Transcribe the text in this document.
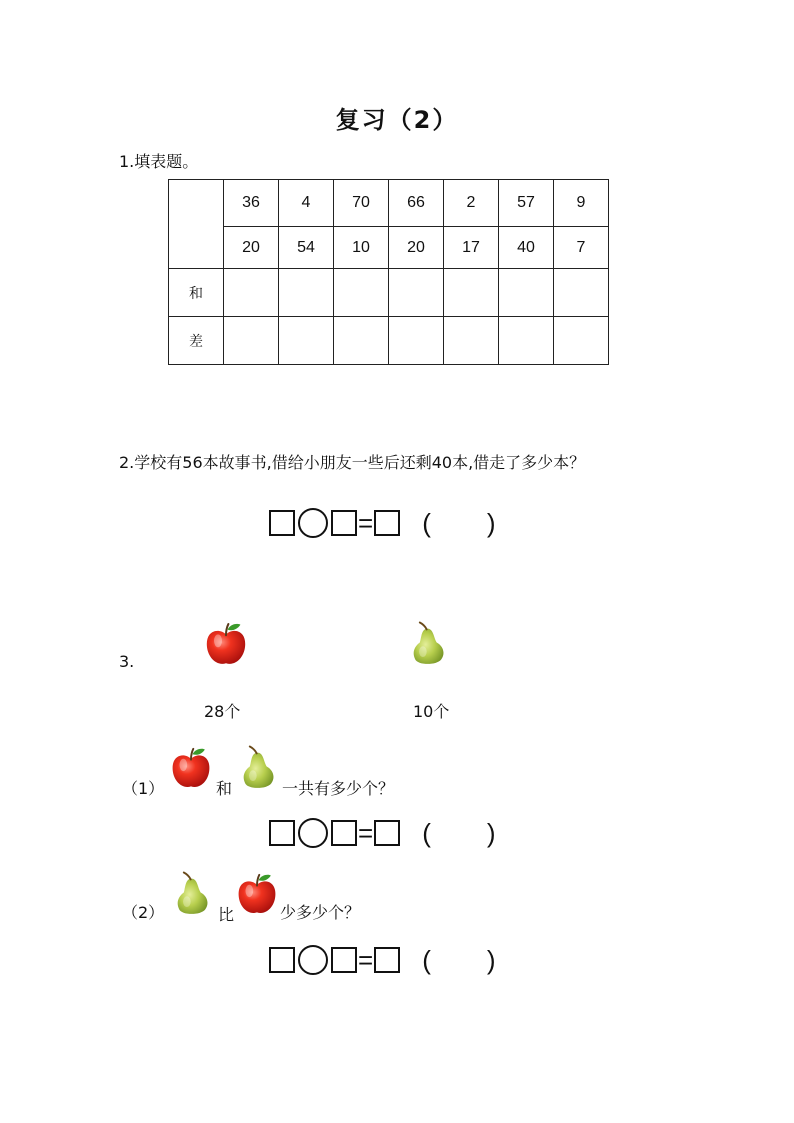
复习（2）
1.填表题。
	36	4	70	66	2	57	9
	20	54	10	20	17	40	7
和							
差							
2.学校有56本故事书,借给小朋友一些后还剩40本,借走了多少本？
= ( )
3.
28个	10个
（1）	和	一共有多少个？
= ( )
（2）	比	少多少个？
= ( )
